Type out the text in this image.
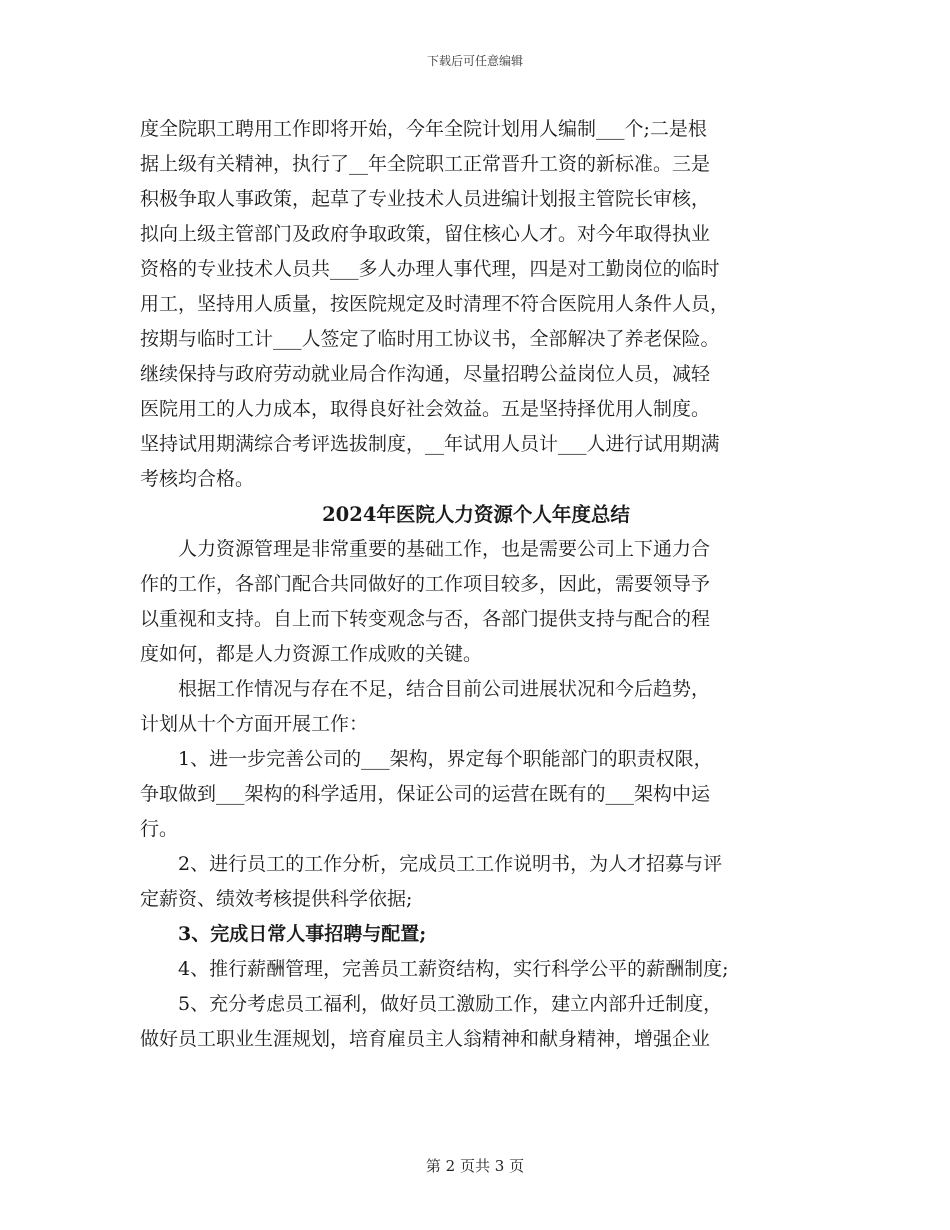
下载后可任意编辑
度全院职工聘用工作即将开始，今年全院计划用人编制___个;二是根
据上级有关精神，执行了__年全院职工正常晋升工资的新标准。三是
积极争取人事政策，起草了专业技术人员进编计划报主管院长审核，
拟向上级主管部门及政府争取政策，留住核心人才。对今年取得执业
资格的专业技术人员共___多人办理人事代理，四是对工勤岗位的临时
用工，坚持用人质量，按医院规定及时清理不符合医院用人条件人员，
按期与临时工计___人签定了临时用工协议书，全部解决了养老保险。
继续保持与政府劳动就业局合作沟通，尽量招聘公益岗位人员，减轻
医院用工的人力成本，取得良好社会效益。五是坚持择优用人制度。
坚持试用期满综合考评选拔制度，__年试用人员计___人进行试用期满
考核均合格。
2024年医院人力资源个人年度总结
人力资源管理是非常重要的基础工作，也是需要公司上下通力合
作的工作，各部门配合共同做好的工作项目较多，因此，需要领导予
以重视和支持。自上而下转变观念与否，各部门提供支持与配合的程
度如何，都是人力资源工作成败的关键。
根据工作情况与存在不足，结合目前公司进展状况和今后趋势，
计划从十个方面开展工作：
1、进一步完善公司的___架构，界定每个职能部门的职责权限，
争取做到___架构的科学适用，保证公司的运营在既有的___架构中运
行。
2、进行员工的工作分析，完成员工工作说明书，为人才招募与评
定薪资、绩效考核提供科学依据;
3、完成日常人事招聘与配置;
4、推行薪酬管理，完善员工薪资结构，实行科学公平的薪酬制度;
5、充分考虑员工福利，做好员工激励工作，建立内部升迁制度，
做好员工职业生涯规划，培育雇员主人翁精神和献身精神，增强企业
第 2 页共 3 页
